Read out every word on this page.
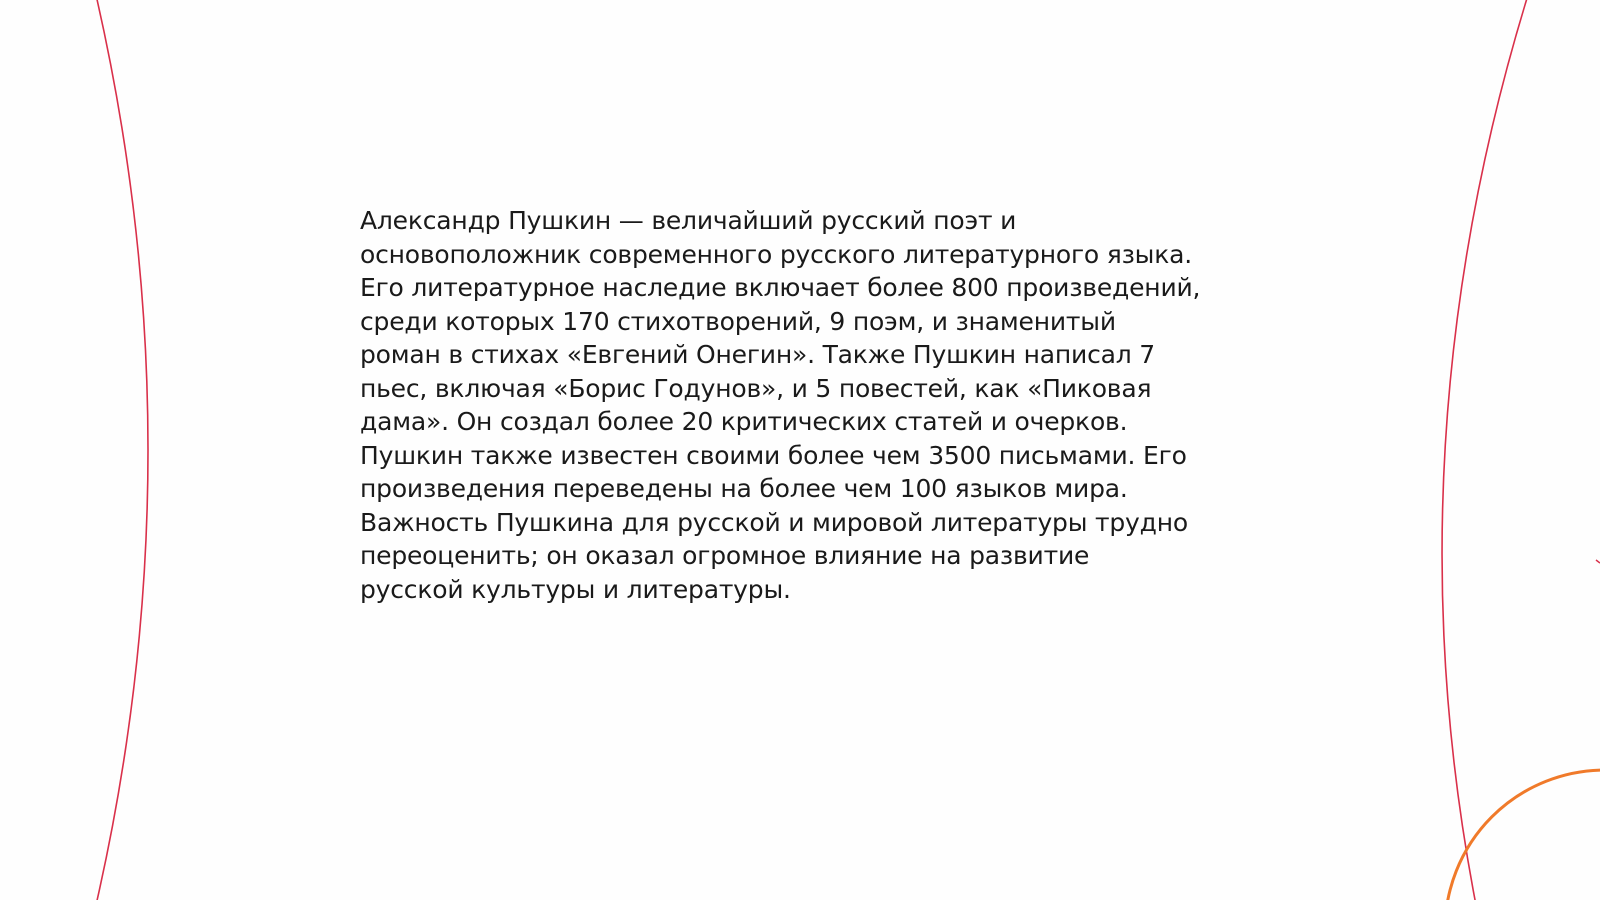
Александр Пушкин — величайший русский поэт и
основоположник современного русского литературного языка.
Его литературное наследие включает более 800 произведений,
среди которых 170 стихотворений, 9 поэм, и знаменитый
роман в стихах «Евгений Онегин». Также Пушкин написал 7
пьес, включая «Борис Годунов», и 5 повестей, как «Пиковая
дама». Он создал более 20 критических статей и очерков.
Пушкин также известен своими более чем 3500 письмами. Его
произведения переведены на более чем 100 языков мира.
Важность Пушкина для русской и мировой литературы трудно
переоценить; он оказал огромное влияние на развитие
русской культуры и литературы.
